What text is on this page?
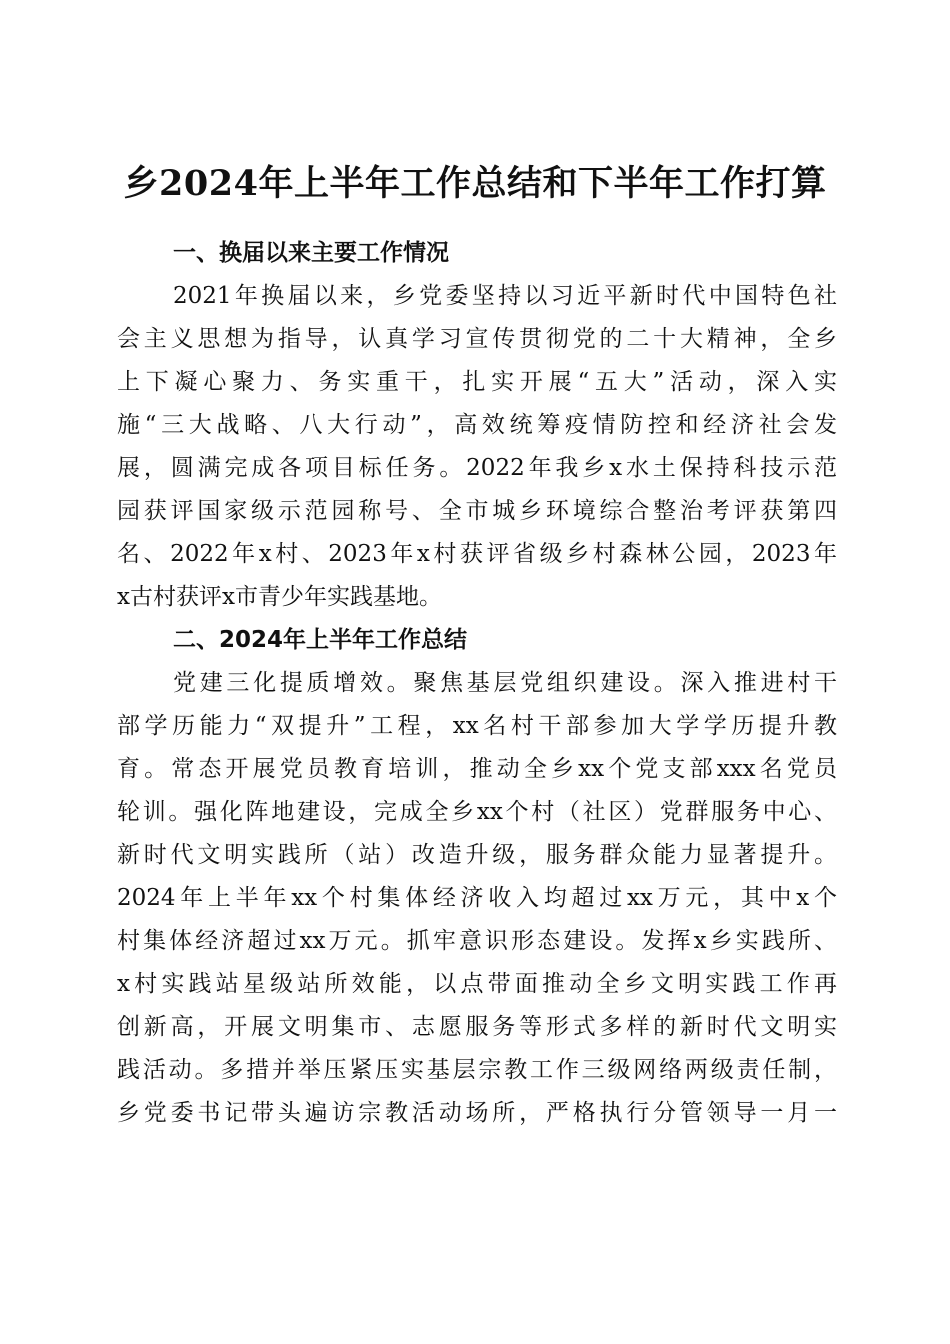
乡2024年上半年工作总结和下半年工作打算
一、换届以来主要工作情况

2021年换届以来，乡党委坚持以习近平新时代中国特色社
会主义思想为指导，认真学习宣传贯彻党的二十大精神，全乡
上下凝心聚力、务实重干，扎实开展“五大”活动，深入实
施“三大战略、八大行动”，高效统筹疫情防控和经济社会发
展，圆满完成各项目标任务。2022年我乡x水土保持科技示范
园获评国家级示范园称号、全市城乡环境综合整治考评获第四
名、2022年x村、2023年x村获评省级乡村森林公园，2023年
x古村获评x市青少年实践基地。

二、2024年上半年工作总结

党建三化提质增效。聚焦基层党组织建设。深入推进村干
部学历能力“双提升”工程，xx名村干部参加大学学历提升教
育。常态开展党员教育培训，推动全乡xx个党支部xxx名党员
轮训。强化阵地建设，完成全乡xx个村（社区）党群服务中心、
新时代文明实践所（站）改造升级，服务群众能力显著提升。
2024年上半年xx个村集体经济收入均超过xx万元，其中x个
村集体经济超过xx万元。抓牢意识形态建设。发挥x乡实践所、
x村实践站星级站所效能，以点带面推动全乡文明实践工作再
创新高，开展文明集市、志愿服务等形式多样的新时代文明实
践活动。多措并举压紧压实基层宗教工作三级网络两级责任制，
乡党委书记带头遍访宗教活动场所，严格执行分管领导一月一
